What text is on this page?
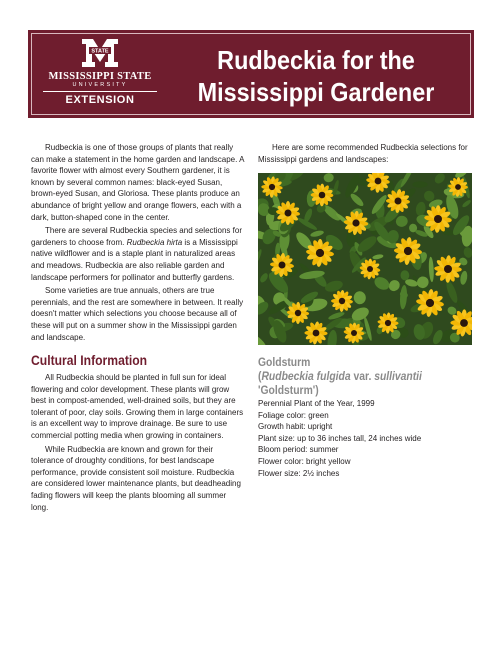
STATE
MISSISSIPPI STATE
UNIVERSITY
EXTENSION
Rudbeckia for the
Mississippi Gardener

Rudbeckia is one of those groups of plants that really can make a statement in the home garden and landscape. A favorite flower with almost every Southern gardener, it is known by several common names: black-eyed Susan, brown-eyed Susan, and Gloriosa. These plants produce an abundance of bright yellow and orange flowers, each with a dark, button-shaped cone in the center.

There are several Rudbeckia species and selections for gardeners to choose from. Rudbeckia hirta is a Mississippi native wildflower and is a staple plant in naturalized areas and meadows. Rudbeckia are also reliable garden and landscape performers for pollinator and butterfly gardens.

Some varieties are true annuals, others are true perennials, and the rest are somewhere in between. It really doesn't matter which selections you choose because all of these will put on a summer show in the Mississippi garden and landscape.

Cultural Information

All Rudbeckia should be planted in full sun for ideal flowering and color development. These plants will grow best in compost-amended, well-drained soils, but they are tolerant of poor, clay soils. Growing them in large containers is an excellent way to improve drainage. Be sure to use commercial potting media when growing in containers.

While Rudbeckia are known and grown for their tolerance of droughty conditions, for best landscape performance, provide consistent soil moisture. Rudbeckia are considered lower maintenance plants, but deadheading fading flowers will keep the plants blooming all summer long.

Here are some recommended Rudbeckia selections for Mississippi gardens and landscapes:

Goldsturm
(Rudbeckia fulgida var. sullivantii
'Goldsturm')
Perennial Plant of the Year, 1999
Foliage color: green
Growth habit: upright
Plant size: up to 36 inches tall, 24 inches wide
Bloom period: summer
Flower color: bright yellow
Flower size: 2½ inches
